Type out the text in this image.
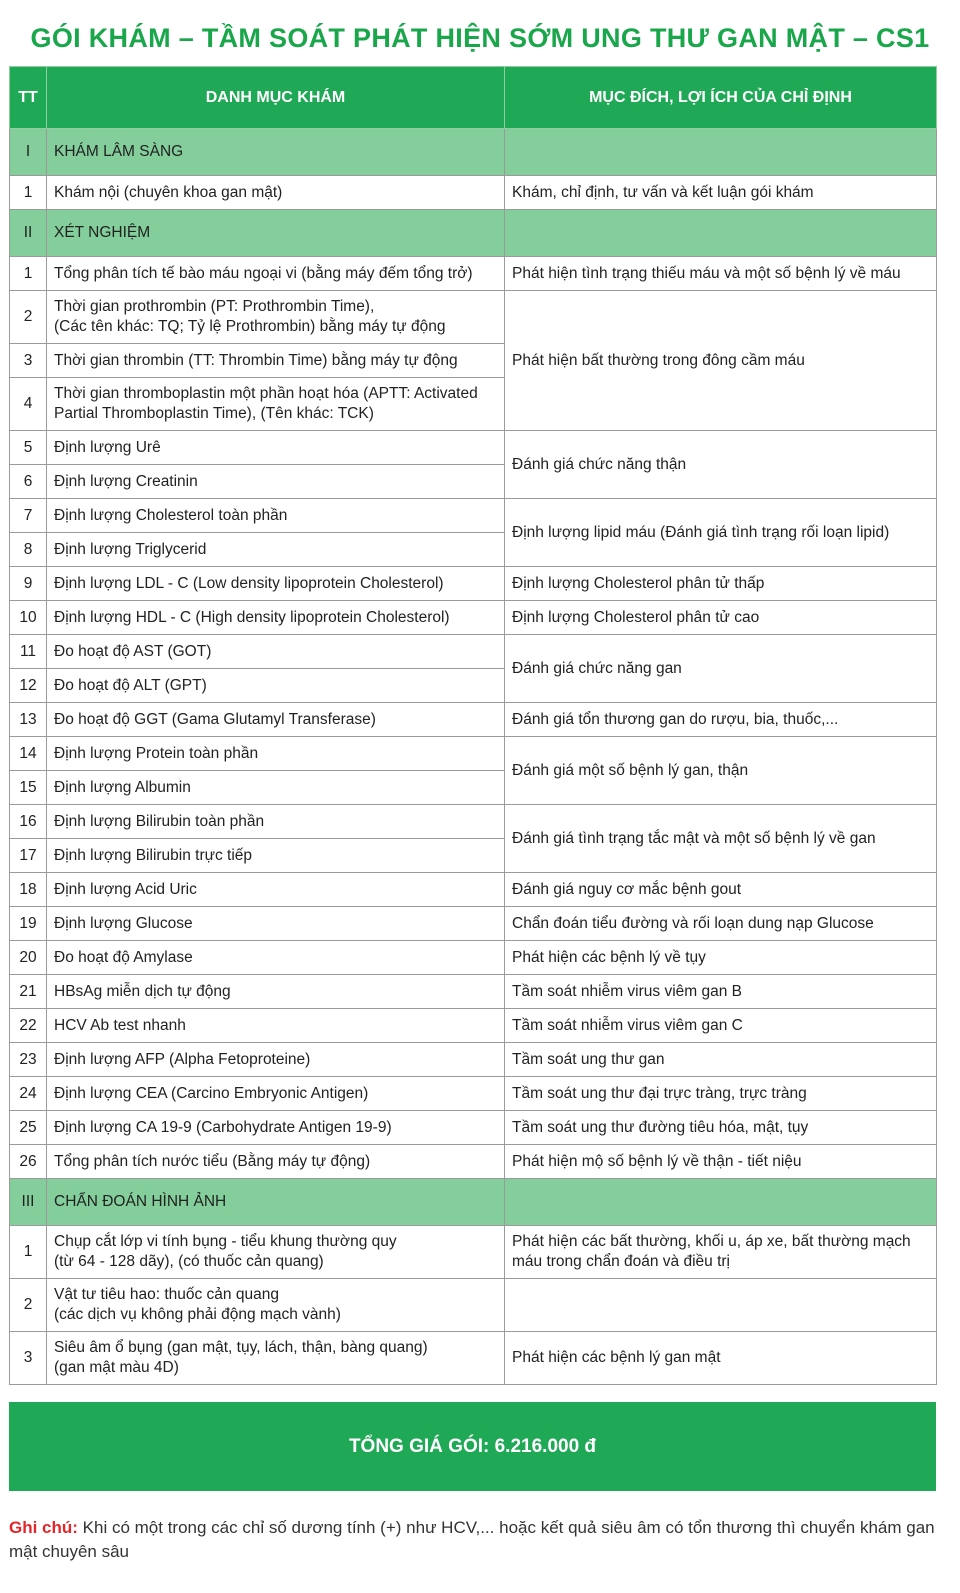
GÓI KHÁM – TẦM SOÁT PHÁT HIỆN SỚM UNG THƯ GAN MẬT – CS1
TT	DANH MỤC KHÁM	MỤC ĐÍCH, LỢI ÍCH CỦA CHỈ ĐỊNH
I	KHÁM LÂM SÀNG	
1	Khám nội (chuyên khoa gan mật)	Khám, chỉ định, tư vấn và kết luận gói khám
II	XÉT NGHIỆM	
1	Tổng phân tích tế bào máu ngoại vi (bằng máy đếm tổng trở)	Phát hiện tình trạng thiếu máu và một số bệnh lý về máu
2	Thời gian prothrombin (PT: Prothrombin Time),
(Các tên khác: TQ; Tỷ lệ Prothrombin) bằng máy tự động	Phát hiện bất thường trong đông cầm máu
3	Thời gian thrombin (TT: Thrombin Time) bằng máy tự động	
4	Thời gian thromboplastin một phần hoạt hóa (APTT: Activated
Partial Thromboplastin Time), (Tên khác: TCK)	
5	Định lượng Urê	Đánh giá chức năng thận
6	Định lượng Creatinin	
7	Định lượng Cholesterol toàn phần	Định lượng lipid máu (Đánh giá tình trạng rối loạn lipid)
8	Định lượng Triglycerid	
9	Định lượng LDL - C (Low density lipoprotein Cholesterol)	Định lượng Cholesterol phân tử thấp
10	Định lượng HDL - C (High density lipoprotein Cholesterol)	Định lượng Cholesterol phân tử cao
11	Đo hoạt độ AST (GOT)	Đánh giá chức năng gan
12	Đo hoạt độ ALT (GPT)	
13	Đo hoạt độ GGT (Gama Glutamyl Transferase)	Đánh giá tổn thương gan do rượu, bia, thuốc,...
14	Định lượng Protein toàn phần	Đánh giá một số bệnh lý gan, thận
15	Định lượng Albumin	
16	Định lượng Bilirubin toàn phần	Đánh giá tình trạng tắc mật và một số bệnh lý về gan
17	Định lượng Bilirubin trực tiếp	
18	Định lượng Acid Uric	Đánh giá nguy cơ mắc bệnh gout
19	Định lượng Glucose	Chẩn đoán tiểu đường và rối loạn dung nạp Glucose
20	Đo hoạt độ Amylase	Phát hiện các bệnh lý về tụy
21	HBsAg miễn dịch tự động	Tầm soát nhiễm virus viêm gan B
22	HCV Ab test nhanh	Tầm soát nhiễm virus viêm gan C
23	Định lượng AFP (Alpha Fetoproteine)	Tầm soát ung thư gan
24	Định lượng CEA (Carcino Embryonic Antigen)	Tầm soát ung thư đại trực tràng, trực tràng
25	Định lượng CA 19-9 (Carbohydrate Antigen 19-9)	Tầm soát ung thư đường tiêu hóa, mật, tụy
26	Tổng phân tích nước tiểu (Bằng máy tự động)	Phát hiện mộ số bệnh lý về thận - tiết niệu
III	CHẨN ĐOÁN HÌNH ẢNH	
1	Chụp cắt lớp vi tính bụng - tiểu khung thường quy
(từ 64 - 128 dãy), (có thuốc cản quang)	Phát hiện các bất thường, khối u, áp xe, bất thường mạch
máu trong chẩn đoán và điều trị
2	Vật tư tiêu hao: thuốc cản quang
(các dịch vụ không phải động mạch vành)	
3	Siêu âm ổ bụng (gan mật, tụy, lách, thận, bàng quang)
(gan mật màu 4D)	Phát hiện các bệnh lý gan mật
TỔNG GIÁ GÓI: 6.216.000 đ
Ghi chú: Khi có một trong các chỉ số dương tính (+) như HCV,... hoặc kết quả siêu âm có tổn thương thì chuyển khám gan mật chuyên sâu
